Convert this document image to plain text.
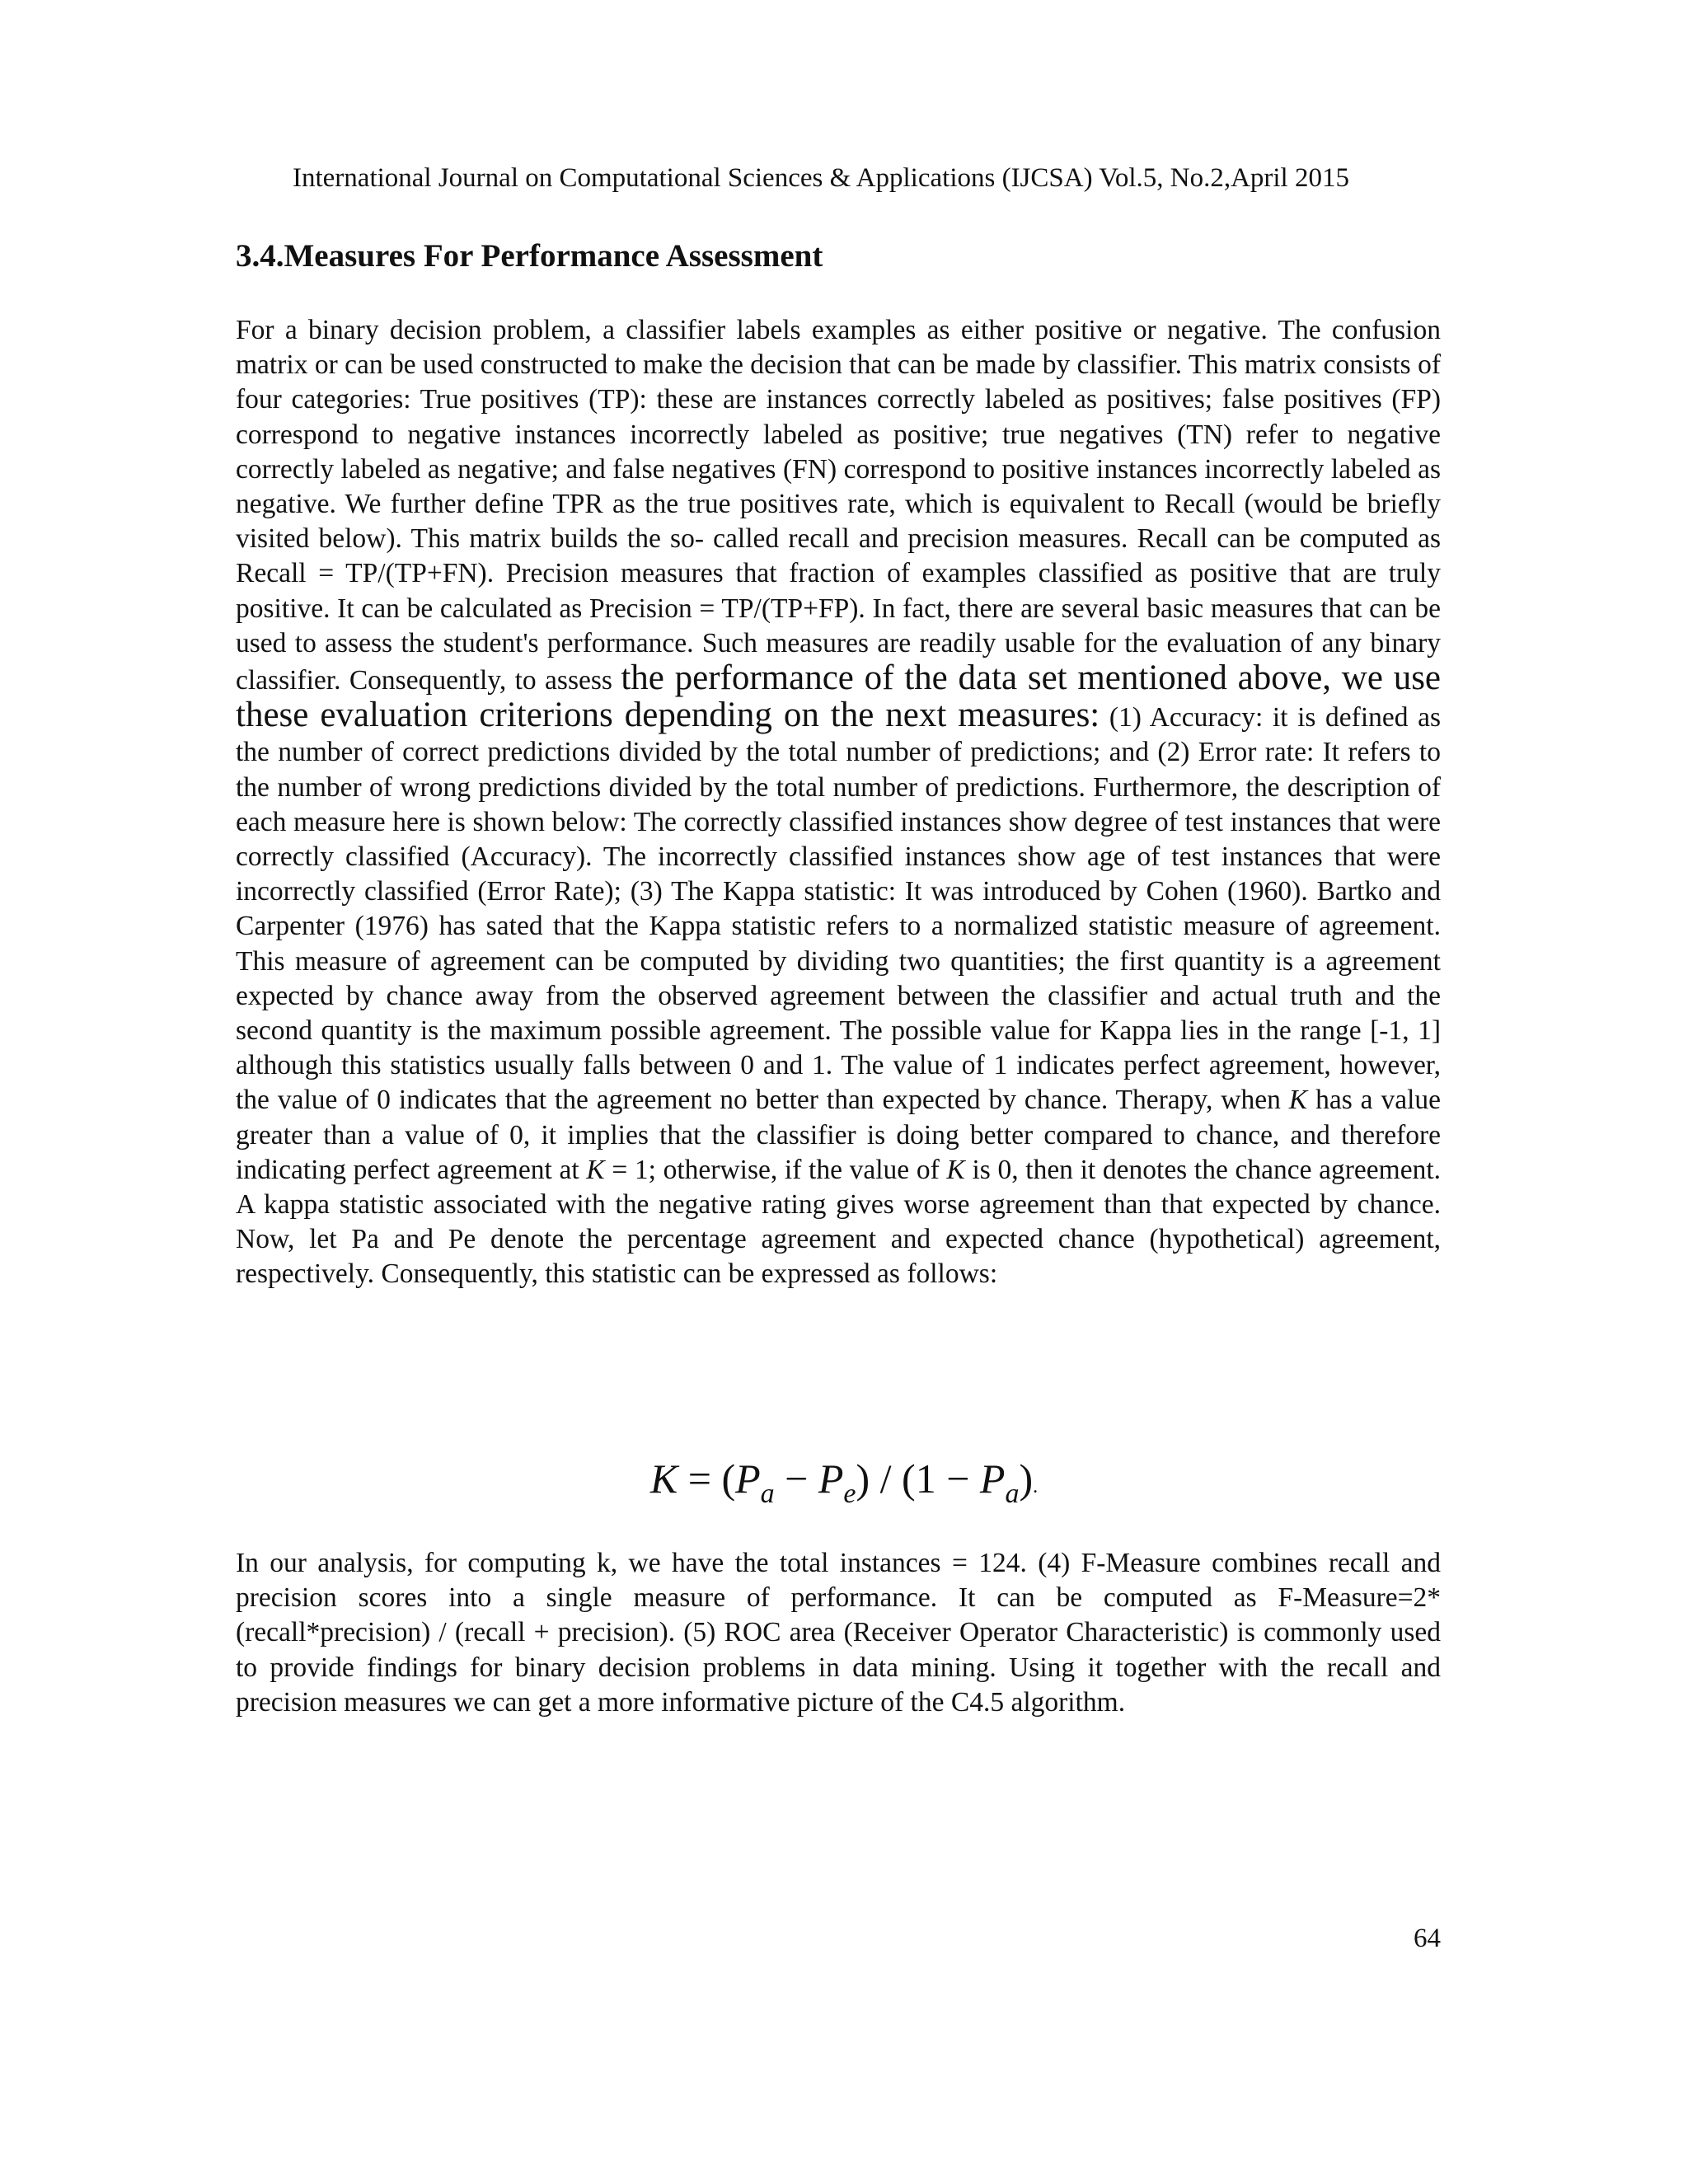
International Journal on Computational Sciences & Applications (IJCSA) Vol.5, No.2,April 2015
3.4.Measures For Performance Assessment

For a binary decision problem, a classifier labels examples as either positive or negative. The confusion matrix or can be used constructed to make the decision that can be made by classifier. This matrix consists of four categories: True positives (TP): these are instances correctly labeled as positives; false positives (FP) correspond to negative instances incorrectly labeled as positive; true negatives (TN) refer to negative correctly labeled as negative; and false negatives (FN) correspond to positive instances incorrectly labeled as negative. We further define TPR as the true positives rate, which is equivalent to Recall (would be briefly visited below). This matrix builds the so- called recall and precision measures. Recall can be computed as Recall = TP/(TP+FN). Precision measures that fraction of examples classified as positive that are truly positive. It can be calculated as Precision = TP/(TP+FP). In fact, there are several basic measures that can be used to assess the student's performance. Such measures are readily usable for the evaluation of any binary classifier. Consequently, to assess the performance of the data set mentioned above, we use these evaluation criterions depending on the next measures: (1) Accuracy: it is defined as the number of correct predictions divided by the total number of predictions; and (2) Error rate: It refers to the number of wrong predictions divided by the total number of predictions. Furthermore, the description of each measure here is shown below: The correctly classified instances show degree of test instances that were correctly classified (Accuracy). The incorrectly classified instances show age of test instances that were incorrectly classified (Error Rate); (3) The Kappa statistic: It was introduced by Cohen (1960). Bartko and Carpenter (1976) has sated that the Kappa statistic refers to a normalized statistic measure of agreement. This measure of agreement can be computed by dividing two quantities; the first quantity is a agreement expected by chance away from the observed agreement between the classifier and actual truth and the second quantity is the maximum possible agreement. The possible value for Kappa lies in the range [-1, 1] although this statistics usually falls between 0 and 1. The value of 1 indicates perfect agreement, however, the value of 0 indicates that the agreement no better than expected by chance. Therapy, when K has a value greater than a value of 0, it implies that the classifier is doing better compared to chance, and therefore indicating perfect agreement at K = 1; otherwise, if the value of K is 0, then it denotes the chance agreement. A kappa statistic associated with the negative rating gives worse agreement than that expected by chance. Now, let Pa and Pe denote the percentage agreement and expected chance (hypothetical) agreement, respectively. Consequently, this statistic can be expressed as follows:

$K = (P_a - P_e) / (1 - P_a)$.

In our analysis, for computing k, we have the total instances = 124. (4) F-Measure combines recall and precision scores into a single measure of performance. It can be computed as F-Measure=2*(recall*precision) / (recall + precision). (5) ROC area (Receiver Operator Characteristic) is commonly used to provide findings for binary decision problems in data mining. Using it together with the recall and precision measures we can get a more informative picture of the C4.5 algorithm.

64
